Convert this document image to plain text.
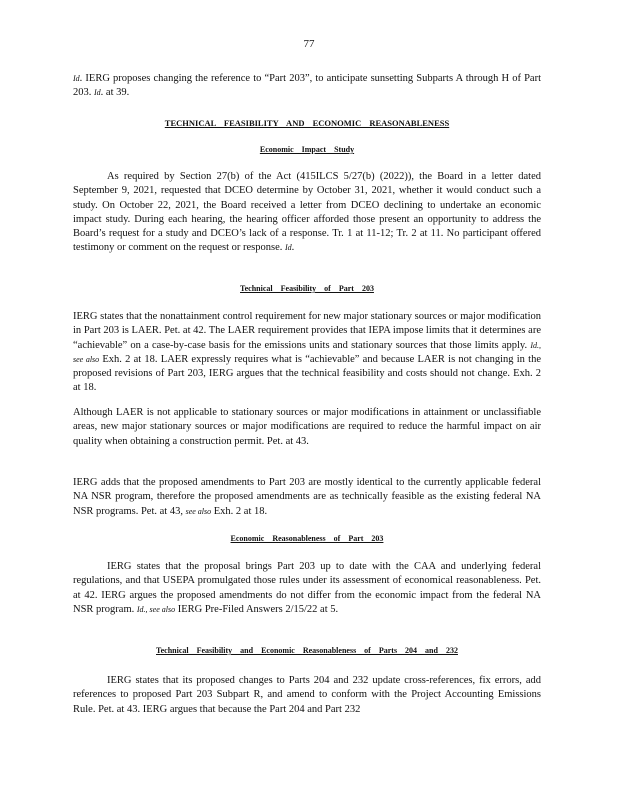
77

Id. IERG proposes changing the reference to “Part 203”, to anticipate sunsetting Subparts A through H of Part 203. Id. at 39.

TECHNICAL FEASIBILITY AND ECONOMIC REASONABLENESS

Economic Impact Study

As required by Section 27(b) of the Act (415ILCS 5/27(b) (2022)), the Board in a letter dated September 9, 2021, requested that DCEO determine by October 31, 2021, whether it would conduct such a study. On October 22, 2021, the Board received a letter from DCEO declining to undertake an economic impact study. During each hearing, the hearing officer afforded those present an opportunity to address the Board’s request for a study and DCEO’s lack of a response. Tr. 1 at 11-12; Tr. 2 at 11. No participant offered testimony or comment on the request or response. Id.

Technical Feasibility of Part 203

IERG states that the nonattainment control requirement for new major stationary sources or major modification in Part 203 is LAER. Pet. at 42. The LAER requirement provides that IEPA impose limits that it determines are “achievable” on a case-by-case basis for the emissions units and stationary sources that those limits apply. Id., see also Exh. 2 at 18. LAER expressly requires what is “achievable” and because LAER is not changing in the proposed revisions of Part 203, IERG argues that the technical feasibility and costs should not change. Exh. 2 at 18.

Although LAER is not applicable to stationary sources or major modifications in attainment or unclassifiable areas, new major stationary sources or major modifications are required to reduce the harmful impact on air quality when obtaining a construction permit. Pet. at 43.

IERG adds that the proposed amendments to Part 203 are mostly identical to the currently applicable federal NA NSR program, therefore the proposed amendments are as technically feasible as the existing federal NA NSR programs. Pet. at 43, see also Exh. 2 at 18.

Economic Reasonableness of Part 203

IERG states that the proposal brings Part 203 up to date with the CAA and underlying federal regulations, and that USEPA promulgated those rules under its assessment of economical reasonableness. Pet. at 42. IERG argues the proposed amendments do not differ from the economic impact from the federal NA NSR program. Id., see also IERG Pre-Filed Answers 2/15/22 at 5.

Technical Feasibility and Economic Reasonableness of Parts 204 and 232

IERG states that its proposed changes to Parts 204 and 232 update cross-references, fix errors, add references to proposed Part 203 Subpart R, and amend to conform with the Project Accounting Emissions Rule. Pet. at 43. IERG argues that because the Part 204 and Part 232
